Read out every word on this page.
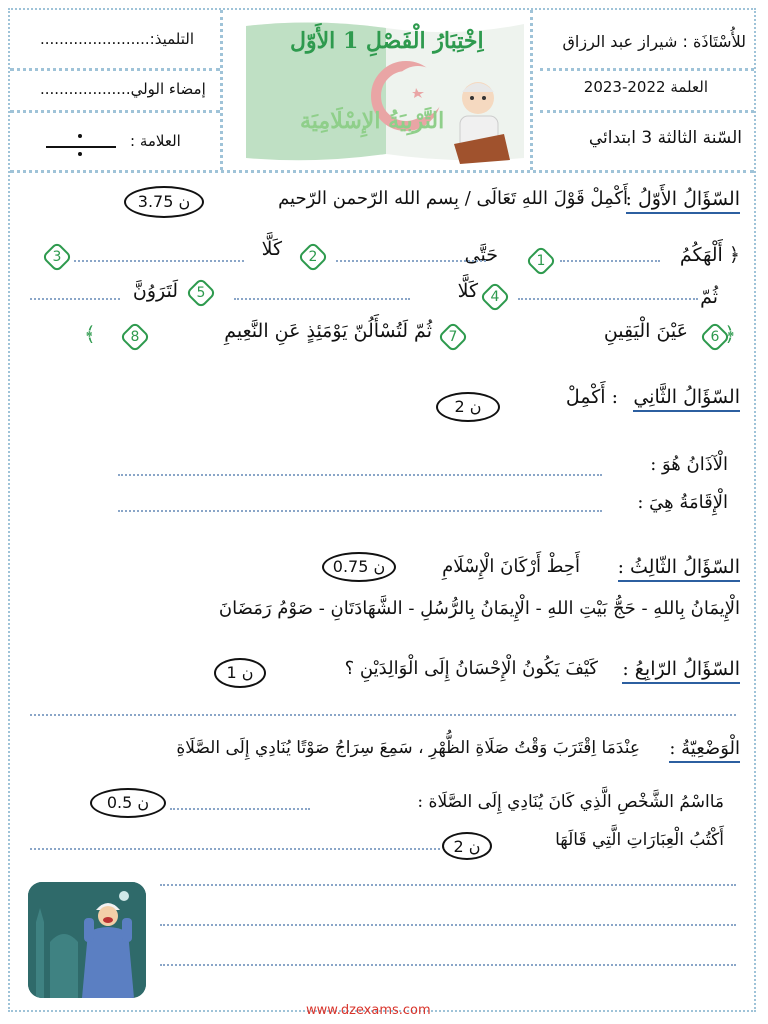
للأُسْتَاذَة : شيراز عبد الرزاق
العلمة 2022-2023
السّنة الثالثة 3 ابتدائي
اِخْتِبَارُ الْفَصْلِ 1 الأَوّل
التَّرْبِيَةُ الإِسْلَامِيَة
التلميذ:.......................
إمضاء الولي...................
العلامة :
السّؤَالُ الأَوّلُ :
أَكْمِلْ قَوْلَ اللهِ تَعَالَى / بِسم الله الرّحمن الرّحيم
3.75 ن
﴿ أَلْهَكُمُ
1
حَتَّى
2
كَلَّا
3
ثُمّ
4
كَلَّا
5
لَتَرَوُنَّ
﴿
6
عَيْنَ الْيَقِينِ
7
ثُمّ لَتُسْأَلُنّ يَوْمَئِذٍ عَنِ النَّعِيمِ
8
﴾
السّؤَالُ الثَّانِي
: أَكْمِلْ
2 ن
الْآذَانُ هُوَ :
الْإِقَامَةُ هِيَ :
السّؤَالُ الثّالِثُ :
أَحِطْ أَرْكَانَ الْإِسْلَامِ
0.75 ن
الْإِيمَانُ بِاللهِ - حَجُّ بَيْتِ اللهِ - الْإِيمَانُ بِالرُّسُلِ - الشَّهَادَتَانِ - صَوْمُ رَمَضَانَ
السّؤَالُ الرّابِعُ :
كَيْفَ يَكُونُ الْإِحْسَانُ إِلَى الْوَالِدَيْنِ ؟
1 ن
الْوَضْعِيّةُ :
عِنْدَمَا اِقْتَرَبَ وَقْتُ صَلَاةِ الظُّهْرِ ، سَمِعَ سِرَاجُ صَوْتًا يُنَادِي إِلَى الصَّلَاةِ
مَااسْمُ الشَّخْصِ الَّذِي كَانَ يُنَادِي إِلَى الصَّلَاة :
0.5 ن
أَكْتُبُ الْعِبَارَاتِ الَّتِي قَالَهَا
2 ن
www.dzexams.com
